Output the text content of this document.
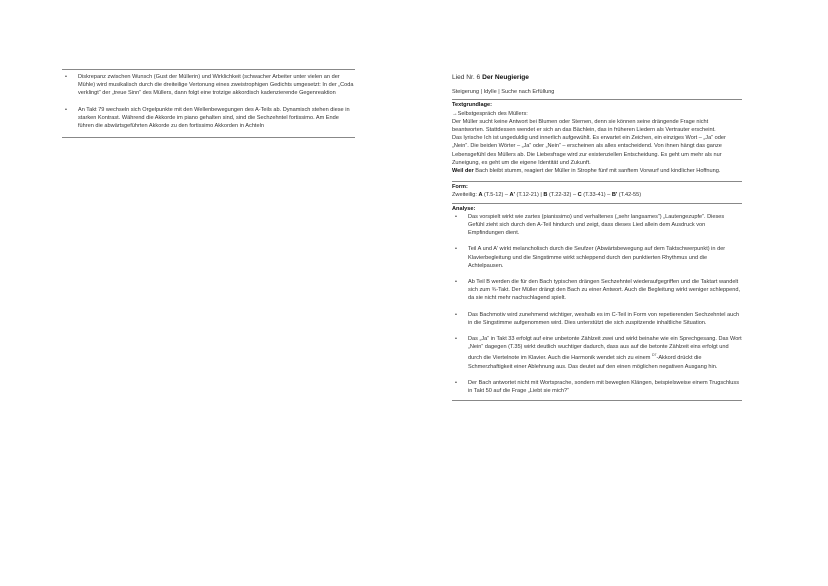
• Diskrepanz zwischen Wunsch (Gust der Müllerin) und Wirklichkeit (schwacher Arbeiter unter vielen an der Mühle) wird musikalisch durch die dreiteilige Vertonung eines zweistrophigen Gedichts umgesetzt: In der „Coda verklingt“ der „treue Sinn“ des Müllers, dann folgt eine trotzige akkordisch kadenzierende Gegenreaktion
• An Takt 79 wechseln sich Orgelpunkte mit den Wellenbewegungen des A-Teils ab. Dynamisch stehen diese in starken Kontrast. Während die Akkorde im piano gehalten sind, sind die Sechzehntel fortissimo. Am Ende führen die abwärtsgeführten Akkorde zu den fortissimo Akkorden in Achteln
Lied Nr. 6 Der Neugierige
Steigerung | Idylle | Suche nach Erfüllung
Textgrundlage:
→Selbstgespräch des Müllers:
Der Müller sucht keine Antwort bei Blumen oder Sternen, denn sie können seine drängende Frage nicht beantworten. Stattdessen wendet er sich an das Bächlein, das in früheren Liedern als Vertrauter erscheint.
Das lyrische Ich ist ungeduldig und innerlich aufgewühlt. Es erwartet ein Zeichen, ein einziges Wort – „Ja“ oder „Nein“. Die beiden Wörter – „Ja“ oder „Nein“ – erscheinen als alles entscheidend. Von ihnen hängt das ganze Lebensgefühl des Müllers ab. Die Liebesfrage wird zur existenziellen Entscheidung. Es geht um mehr als nur Zuneigung, es geht um die eigene Identität und Zukunft.
Weil der Bach bleibt stumm, reagiert der Müller in Strophe fünf mit sanftem Vorwurf und kindlicher Hoffnung.
Form:
Zweiteilig: A (T.5-12) – A' (T.12-21) | B (T.22-32) – C (T.33-41) – B' (T.42-55)
Analyse:
• Das vorspielt wirkt wie zartes (pianissimo) und verhaltenes („sehr langsames“) „Lautengezupfe“. Dieses Gefühl zieht sich durch den A-Teil hindurch und zeigt, dass dieses Lied allein dem Ausdruck von Empfindungen dient.
• Teil A und A' wirkt melancholisch durch die Seufzer (Abwärtsbewegung auf dem Taktschwerpunkt) in der Klavierbegleitung und die Singstimme wirkt schleppend durch den punktierten Rhythmus und die Achtelpausen.
• Ab Teil B werden die für den Bach typischen drängen Sechzehntel wiederaufgegriffen und die Taktart wandelt sich zum ¾-Takt. Der Müller drängt den Bach zu einer Antwort. Auch die Begleitung wirkt weniger schleppend, da sie nicht mehr nachschlagend spielt.
• Das Bachmotiv wird zunehmend wichtiger, weshalb es im C-Teil in Form von repetierenden Sechzehntel auch in die Singstimme aufgenommen wird. Dies unterstützt die sich zuspitzende inhaltliche Situation.
• Das „Ja“ in Takt 33 erfolgt auf eine unbetonte Zählzeit zwei und wirkt beinahe wie ein Sprechgesang. Das Wort „Nein“ dagegen (T.35) wirkt deutlich wuchtiger dadurch, dass aus auf die betonte Zählzeit eins erfolgt und durch die Viertelnote im Klavier. Auch die Harmonik wendet sich zu einem $^{D7}$-Akkord drückt die Schmerzhaftigkeit einer Ablehnung aus. Das deutet auf den einen möglichen negativen Ausgang hin.
• Der Bach antwortet nicht mit Wortsprache, sondern mit bewegten Klängen, beispielsweise einem Trugschluss in Takt 50 auf die Frage „Liebt sie mich?“
